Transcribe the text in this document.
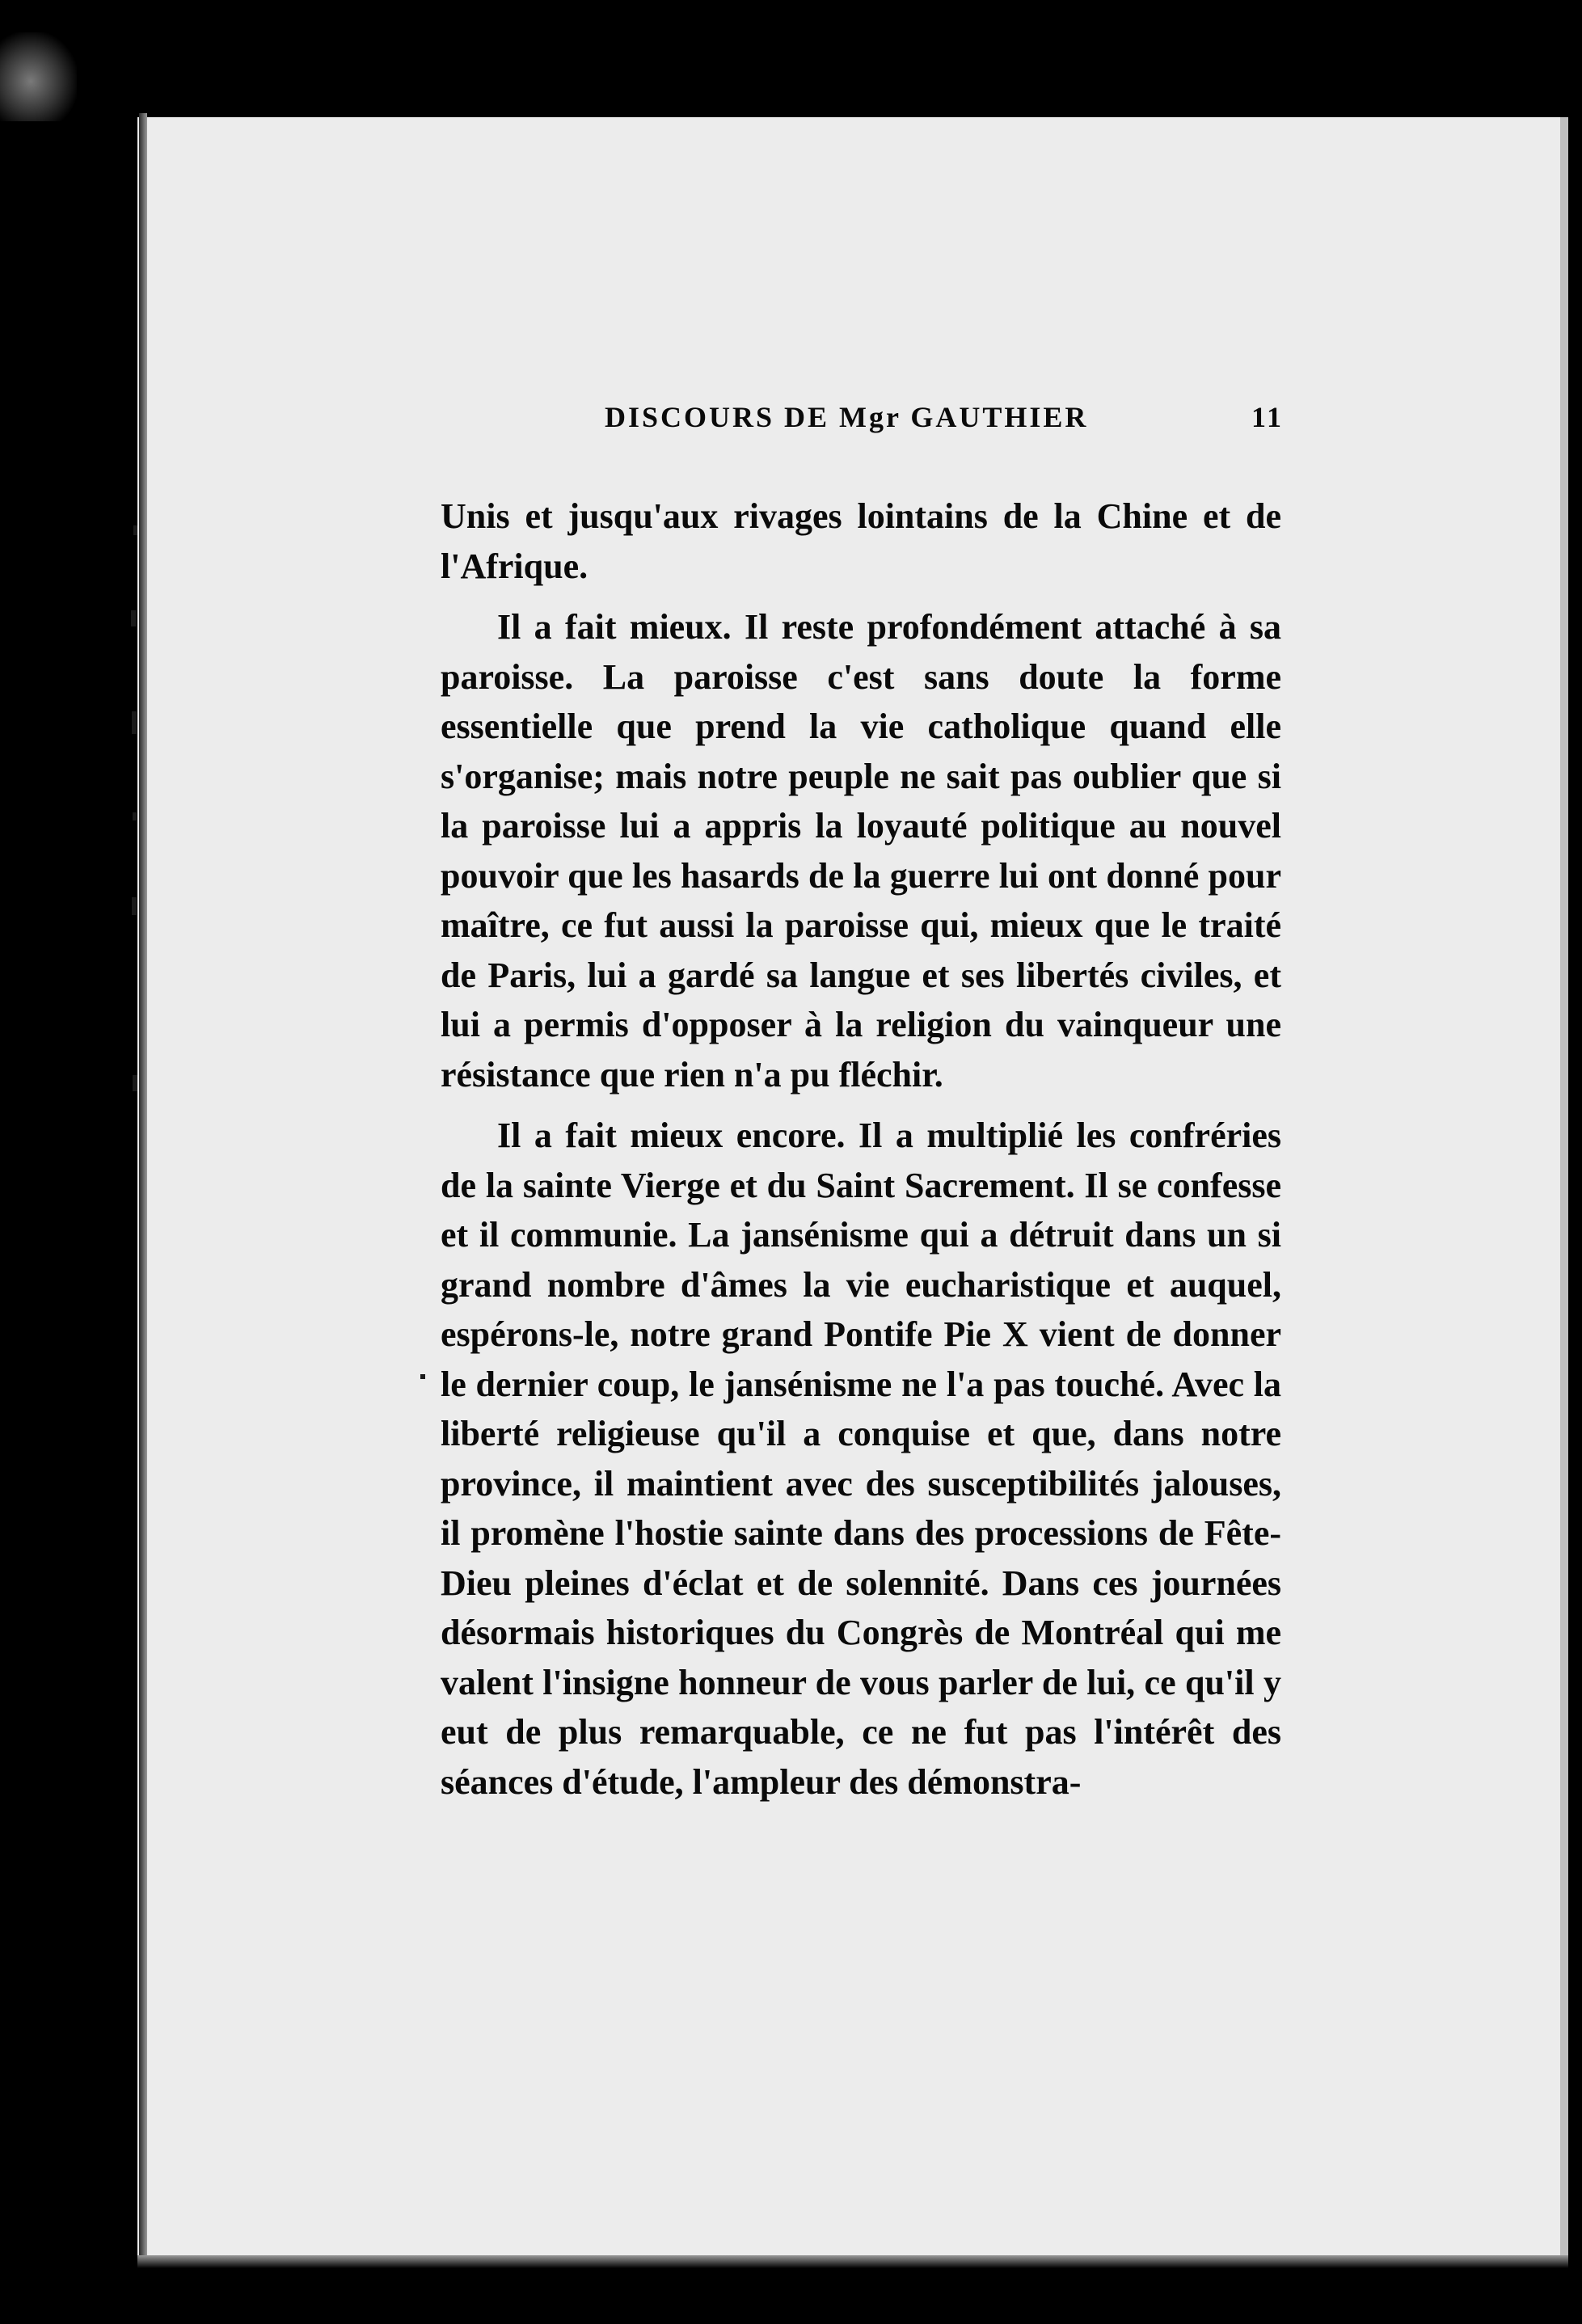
DISCOURS DE Mgr GAUTHIER	11

Unis et jusqu'aux rivages lointains de la Chine et de l'Afrique.

Il a fait mieux. Il reste profondément attaché à sa paroisse. La paroisse c'est sans doute la forme essentielle que prend la vie catholique quand elle s'organise; mais notre peuple ne sait pas oublier que si la paroisse lui a appris la loyauté politique au nouvel pouvoir que les hasards de la guerre lui ont donné pour maître, ce fut aussi la paroisse qui, mieux que le traité de Paris, lui a gardé sa langue et ses libertés civiles, et lui a permis d'opposer à la religion du vainqueur une résistance que rien n'a pu fléchir.

Il a fait mieux encore. Il a multiplié les confréries de la sainte Vierge et du Saint Sacrement. Il se confesse et il communie. La jansénisme qui a détruit dans un si grand nombre d'âmes la vie eucharistique et auquel, espérons-le, notre grand Pontife Pie X vient de donner le dernier coup, le jansénisme ne l'a pas touché. Avec la liberté religieuse qu'il a conquise et que, dans notre province, il maintient avec des susceptibilités jalouses, il promène l'hostie sainte dans des processions de Fête-Dieu pleines d'éclat et de solennité. Dans ces journées désormais historiques du Congrès de Montréal qui me valent l'insigne honneur de vous parler de lui, ce qu'il y eut de plus remarquable, ce ne fut pas l'intérêt des séances d'étude, l'ampleur des démonstra-
